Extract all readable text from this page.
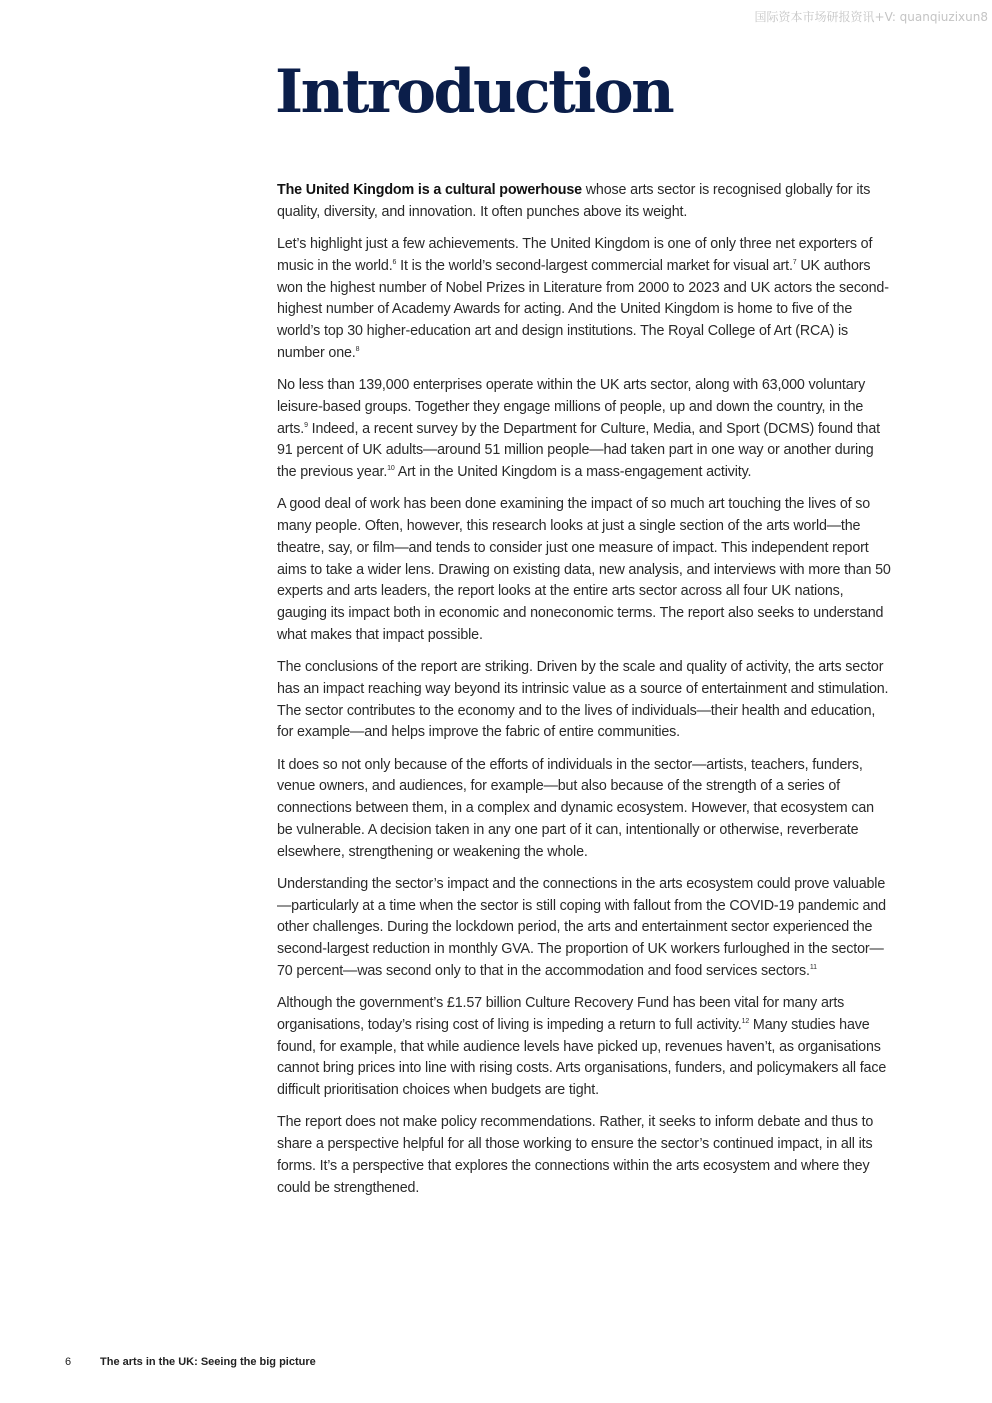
国际资本市场研报资讯+V: quanqiuzixun8
Introduction

The United Kingdom is a cultural powerhouse whose arts sector is recognised globally for its quality, diversity, and innovation. It often punches above its weight.

Let’s highlight just a few achievements. The United Kingdom is one of only three net exporters of music in the world.$^6$ It is the world’s second-largest commercial market for visual art.$^7$ UK authors won the highest number of Nobel Prizes in Literature from 2000 to 2023 and UK actors the second-highest number of Academy Awards for acting. And the United Kingdom is home to five of the world’s top 30 higher-education art and design institutions. The Royal College of Art (RCA) is number one.$^8$

No less than 139,000 enterprises operate within the UK arts sector, along with 63,000 voluntary leisure-based groups. Together they engage millions of people, up and down the country, in the arts.$^9$ Indeed, a recent survey by the Department for Culture, Media, and Sport (DCMS) found that 91 percent of UK adults—around 51 million people—had taken part in one way or another during the previous year.$^{10}$ Art in the United Kingdom is a mass-engagement activity.

A good deal of work has been done examining the impact of so much art touching the lives of so many people. Often, however, this research looks at just a single section of the arts world—the theatre, say, or film—and tends to consider just one measure of impact. This independent report aims to take a wider lens. Drawing on existing data, new analysis, and interviews with more than 50 experts and arts leaders, the report looks at the entire arts sector across all four UK nations, gauging its impact both in economic and noneconomic terms. The report also seeks to understand what makes that impact possible.

The conclusions of the report are striking. Driven by the scale and quality of activity, the arts sector has an impact reaching way beyond its intrinsic value as a source of entertainment and stimulation. The sector contributes to the economy and to the lives of individuals—their health and education, for example—and helps improve the fabric of entire communities.

It does so not only because of the efforts of individuals in the sector—artists, teachers, funders, venue owners, and audiences, for example—but also because of the strength of a series of connections between them, in a complex and dynamic ecosystem. However, that ecosystem can be vulnerable. A decision taken in any one part of it can, intentionally or otherwise, reverberate elsewhere, strengthening or weakening the whole.

Understanding the sector’s impact and the connections in the arts ecosystem could prove valuable—particularly at a time when the sector is still coping with fallout from the COVID-19 pandemic and other challenges. During the lockdown period, the arts and entertainment sector experienced the second-largest reduction in monthly GVA. The proportion of UK workers furloughed in the sector—70 percent—was second only to that in the accommodation and food services sectors.$^{11}$

Although the government’s £1.57 billion Culture Recovery Fund has been vital for many arts organisations, today’s rising cost of living is impeding a return to full activity.$^{12}$ Many studies have found, for example, that while audience levels have picked up, revenues haven’t, as organisations cannot bring prices into line with rising costs. Arts organisations, funders, and policymakers all face difficult prioritisation choices when budgets are tight.

The report does not make policy recommendations. Rather, it seeks to inform debate and thus to share a perspective helpful for all those working to ensure the sector’s continued impact, in all its forms. It’s a perspective that explores the connections within the arts ecosystem and where they could be strengthened.

6	The arts in the UK: Seeing the big picture
